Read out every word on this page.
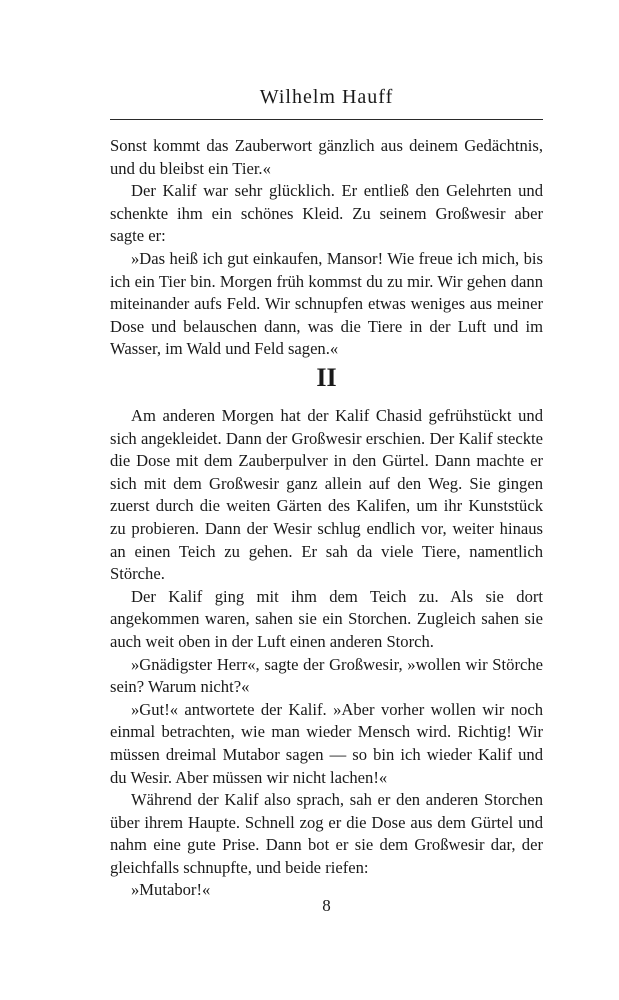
Wilhelm Hauff

Sonst kommt das Zauberwort gänzlich aus deinem Gedächtnis, und du bleibst ein Tier.«

Der Kalif war sehr glücklich. Er entließ den Gelehrten und schenkte ihm ein schönes Kleid. Zu seinem Großwesir aber sagte er:

»Das heiß ich gut einkaufen, Mansor! Wie freue ich mich, bis ich ein Tier bin. Morgen früh kommst du zu mir. Wir gehen dann miteinander aufs Feld. Wir schnupfen etwas weniges aus meiner Dose und belauschen dann, was die Tiere in der Luft und im Wasser, im Wald und Feld sagen.«

II

Am anderen Morgen hat der Kalif Chasid gefrühstückt und sich angekleidet. Dann der Großwesir erschien. Der Kalif steckte die Dose mit dem Zauberpulver in den Gürtel. Dann machte er sich mit dem Großwesir ganz allein auf den Weg. Sie gingen zuerst durch die weiten Gärten des Kalifen, um ihr Kunststück zu probieren. Dann der Wesir schlug endlich vor, weiter hinaus an einen Teich zu gehen. Er sah da viele Tiere, namentlich Störche.

Der Kalif ging mit ihm dem Teich zu. Als sie dort angekommen waren, sahen sie ein Storchen. Zugleich sahen sie auch weit oben in der Luft einen anderen Storch.

»Gnädigster Herr«, sagte der Großwesir, »wollen wir Störche sein? Warum nicht?«

»Gut!« antwortete der Kalif. »Aber vorher wollen wir noch einmal betrachten, wie man wieder Mensch wird. Richtig! Wir müssen dreimal Mutabor sagen — so bin ich wieder Kalif und du Wesir. Aber müssen wir nicht lachen!«

Während der Kalif also sprach, sah er den anderen Storchen über ihrem Haupte. Schnell zog er die Dose aus dem Gürtel und nahm eine gute Prise. Dann bot er sie dem Großwesir dar, der gleichfalls schnupfte, und beide riefen:

»Mutabor!«

8
